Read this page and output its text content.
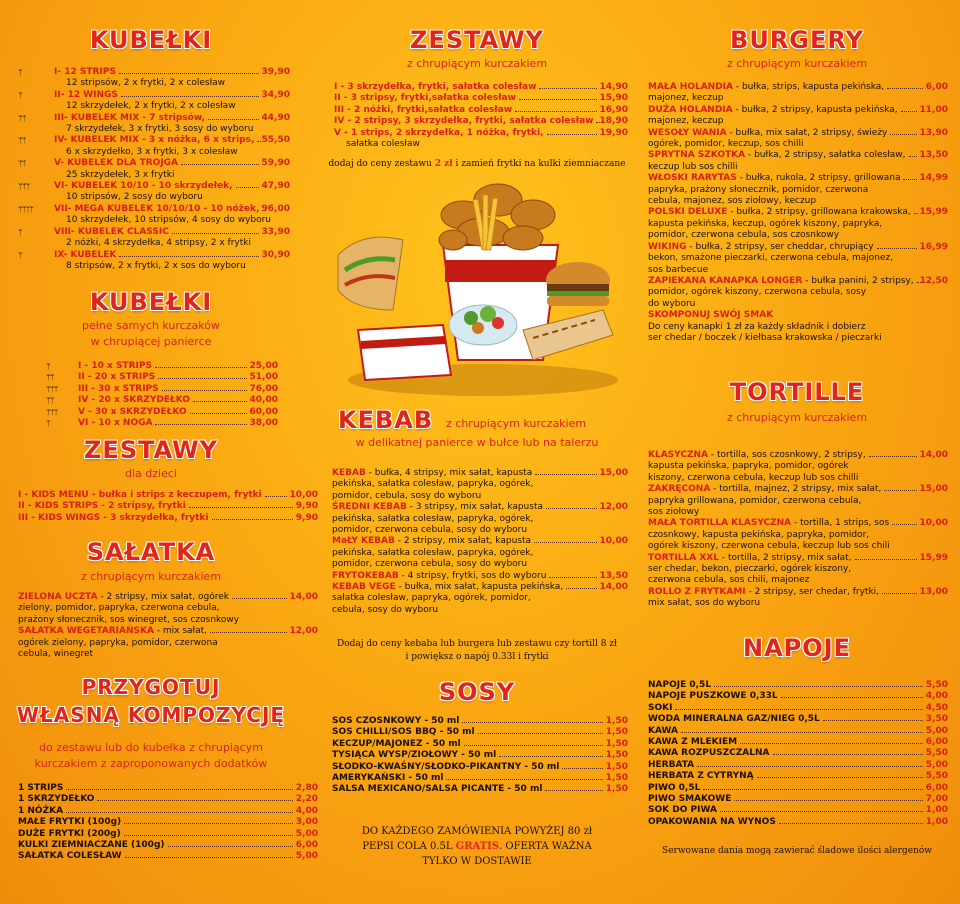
KUBEŁKI
ᛘ	I- 12 STRIPS	39,90
12 stripsów, 2 x frytki, 2 x colesław
ᛘ	II- 12 WINGS	34,90
12 skrzydełek, 2 x frytki, 2 x colesław
ᛘᛘ	III- KUBELEK MIX - 7 stripsów,	44,90
7 skrzydełek, 3 x frytki, 3 sosy do wyboru
ᛘᛘ	IV- KUBELEK MIX - 3 x nóżka, 6 x strips, 55,50
6 x skrzydełko, 3 x frytki, 3 x colesław
ᛘᛘ	V- KUBELEK DLA TROJGA	59,90
25 skrzydełek, 3 x frytki
ᛘᛘᛘ	VI- KUBELEK 10/10 - 10 skrzydełek,	47,90
10 stripsów, 2 sosy do wyboru
ᛘᛘᛘᛘ VII- MEGA KUBELEK 10/10/10 - 10 nóżek, 96,00
10 skrzydełek, 10 stripsów, 4 sosy do wyboru
ᛘ	VIII- KUBELEK CLASSIC	33,90
2 nóżki, 4 skrzydełka, 4 stripsy, 2 x frytki
ᛘ	IX- KUBELEK	30,90
8 stripsów, 2 x frytki, 2 x sos do wyboru
KUBEŁKI
pełne samych kurczaków
w chrupiącej panierce
ᛘ	I - 10 x STRIPS	25,00
ᛘᛘ	II - 20 x STRIPS	51,00
ᛘᛘᛘ III - 30 x STRIPS	76,00
ᛘᛘ	IV - 20 x SKRZYDEŁKO	40,00
ᛘᛘᛘ V - 30 x SKRZYDEŁKO	60,00
ᛘ	VI - 10 x NOGA	38,00
ZESTAWY
dla dzieci
I - KIDS MENU - bułka i strips z keczupem, frytki	10,00
II - KIDS STRIPS - 2 stripsy, frytki	9,90
III - KIDS WINGS - 3 skrzydełka, frytki	9,90
SAŁATKA
z chrupiącym kurczakiem
ZIELONA UCZTA - 2 stripsy, mix sałat, ogórek	14,00
zielony, pomidor, papryka, czerwona cebula,
prażony słonecznik, sos winegret, sos czosnkowy
SAŁATKA WEGETARIAŃSKA - mix sałat,	12,00
ogórek zielony, papryka, pomidor, czerwona
cebula, winegret
PRZYGOTUJ
WŁASNĄ KOMPOZYCJĘ
do zestawu lub do kubełka z chrupiącym
kurczakiem z zaproponowanych dodatków
1 STRIPS	2,80
1 SKRZYDEŁKO	2,20
1 NÓŻKA	4,00
MAŁE FRYTKI (100g)	3,00
DUŻE FRYTKI (200g)	5,00
KULKI ZIEMNIACZANE (100g)	6,00
SAŁATKA COLESŁAW	5,00
ZESTAWY
z chrupiącym kurczakiem
I - 3 skrzydełka, frytki, sałatka colesław	14,90
II - 3 stripsy, frytki,sałatka colesław	15,90
III - 2 nóżki, frytki,sałatka colesław	16,90
IV - 2 stripsy, 3 skrzydełka, frytki, sałatka colesław 18,90
V - 1 strips, 2 skrzydełka, 1 nóżka, frytki,	19,90
sałatka colesław
dodaj do ceny zestawu 2 zł i zamień frytki na kulki ziemniaczane
KEBAB z chrupiącym kurczakiem
w delikatnej panierce w bułce lub na talerzu
KEBAB - bułka, 4 stripsy, mix sałat, kapusta	15,00
pekińska, sałatka colesław, papryka, ogórek,
pomidor, cebula, sosy do wyboru
ŚREDNI KEBAB - 3 stripsy, mix sałat, kapusta	12,00
pekińska, sałatka colesław, papryka, ogórek,
pomidor, czerwona cebula, sosy do wyboru
MaŁY KEBAB - 2 stripsy, mix sałat, kapusta	10,00
pekińska, sałatka colesław, papryka, ogórek,
pomidor, czerwona cebula, sosy do wyboru
FRYTOKEBAB - 4 stripsy, frytki, sos do wyboru	13,50
KEBAB VEGE - bułka, mix sałat, kapusta pekińska,	14,00
sałatka colesław, papryka, ogórek, pomidor,
cebula, sosy do wyboru
Dodaj do ceny kebaba lub burgera lub zestawu czy tortill 8 zł
i powiększ o napój 0.33l i frytki
SOSY
SOS CZOSNKOWY - 50 ml	1,50
SOS CHILLI/SOS BBQ - 50 ml	1,50
KECZUP/MAJONEZ - 50 ml	1,50
TYSIĄCA WYSP/ZIOŁOWY - 50 ml	1,50
SŁODKO-KWAŚNY/SŁODKO-PIKANTNY - 50 ml	1,50
AMERYKAŃSKI - 50 ml	1,50
SALSA MEXICANO/SALSA PICANTE - 50 ml	1,50
DO KAŻDEGO ZAMÓWIENIA POWYŻEJ 80 zł
PEPSI COLA 0.5L GRATIS. OFERTA WAŻNA
TYLKO W DOSTAWIE
BURGERY
z chrupiącym kurczakiem
MAŁA HOLANDIA - bułka, strips, kapusta pekińska,	6,00
majonez, keczup
DUŻA HOLANDIA - bułka, 2 stripsy, kapusta pekińska, 11,00
majonez, keczup
WESOŁY WANIA - bułka, mix sałat, 2 stripsy, świeży	13,90
ogórek, pomidor, keczup, sos chilli
SPRYTNA SZKOTKA - bułka, 2 stripsy, sałatka colesław, 13,50
keczup lub sos chilli
WŁOSKI RARYTAS - bułka, rukola, 2 stripsy, grillowana 14,99
papryka, prażony słonecznik, pomidor, czerwona
cebula, majonez, sos ziołowy, keczup
POLSKI DELUXE - bułka, 2 stripsy, grillowana krakowska, 15,99
kapusta pekińska, keczup, ogórek kiszony, papryka,
pomidor, czerwona cebula, sos czosnkowy
WIKING - bułka, 2 stripsy, ser cheddar, chrupiący	16,99
bekon, smażone pieczarki, czerwona cebula, majonez,
sos barbecue
ZAPIEKANA KANAPKA LONGER - bułka panini, 2 stripsy, 12,50
pomidor, ogórek kiszony, czerwona cebula, sosy
do wyboru
SKOMPONUJ SWÓJ SMAK
Do ceny kanapki 1 zł za każdy składnik i dobierz
ser chedar / boczek / kiełbasa krakowska / pieczarki
TORTILLE
z chrupiącym kurczakiem
KLASYCZNA - tortilla, sos czosnkowy, 2 stripsy,	14,00
kapusta pekińska, papryka, pomidor, ogórek
kiszony, czerwona cebula, keczup lub sos chilli
ZAKRĘCONA - tortilla, majnez, 2 stripsy, mix sałat,	15,00
papryka grillowana, pomidor, czerwona cebula,
sos ziołowy
MAŁA TORTILLA KLASYCZNA - tortilla, 1 strips, sos	10,00
czosnkowy, kapusta pekińska, papryka, pomidor,
ogórek kiszony, czerwona cebula, keczup lub sos chili
TORTILLA XXL - tortilla, 2 stripsy, mix sałat,	15,99
ser chedar, bekon, pieczarki, ogórek kiszony,
czerwona cebula, sos chili, majonez
ROLLO Z FRYTKAMI - 2 stripsy, ser chedar, frytki,	13,00
mix sałat, sos do wyboru
NAPOJE
NAPOJE 0,5L	5,50
NAPOJE PUSZKOWE 0,33L	4,00
SOKI	4,50
WODA MINERALNA GAZ/NIEG 0,5L	3,50
KAWA	5,00
KAWA Z MLEKIEM	6,00
KAWA ROZPUSZCZALNA	5,50
HERBATA	5,00
HERBATA Z CYTRYNĄ	5,50
PIWO 0,5L	6,00
PIWO SMAKOWE	7,00
SOK DO PIWA	1,00
OPAKOWANIA NA WYNOS	1,00
Serwowane dania mogą zawierać śladowe ilości alergenów
